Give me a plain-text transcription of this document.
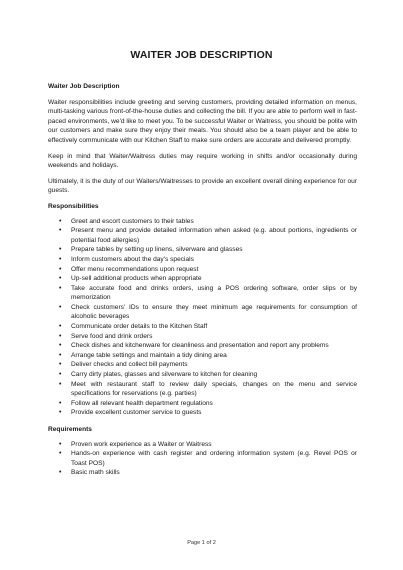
WAITER JOB DESCRIPTION
Waiter Job Description

Waiter responsibilities include greeting and serving customers, providing detailed information on menus, multi-tasking various front-of-the-house duties and collecting the bill. If you are able to perform well in fast-paced environments, we'd like to meet you. To be successful Waiter or Waitress, you should be polite with our customers and make sure they enjoy their meals. You should also be a team player and be able to effectively communicate with our Kitchen Staff to make sure orders are accurate and delivered promptly.

Keep in mind that Waiter/Waitress duties may require working in shifts and/or occasionally during weekends and holidays.

Ultimately, it is the duty of our Waiters/Waitresses to provide an excellent overall dining experience for our guests.

Responsibilities
• Greet and escort customers to their tables
• Present menu and provide detailed information when asked (e.g. about portions, ingredients or potential food allergies)
• Prepare tables by setting up linens, silverware and glasses
• Inform customers about the day's specials
• Offer menu recommendations upon request
• Up-sell additional products when appropriate
• Take accurate food and drinks orders, using a POS ordering software, order slips or by memorization
• Check customers' IDs to ensure they meet minimum age requirements for consumption of alcoholic beverages
• Communicate order details to the Kitchen Staff
• Serve food and drink orders
• Check dishes and kitchenware for cleanliness and presentation and report any problems
• Arrange table settings and maintain a tidy dining area
• Deliver checks and collect bill payments
• Carry dirty plates, glasses and silverware to kitchen for cleaning
• Meet with restaurant staff to review daily specials, changes on the menu and service specifications for reservations (e.g. parties)
• Follow all relevant health department regulations
• Provide excellent customer service to guests
Requirements
• Proven work experience as a Waiter or Waitress
• Hands-on experience with cash register and ordering information system (e.g. Revel POS or Toast POS)
• Basic math skills
Page 1 of 2
